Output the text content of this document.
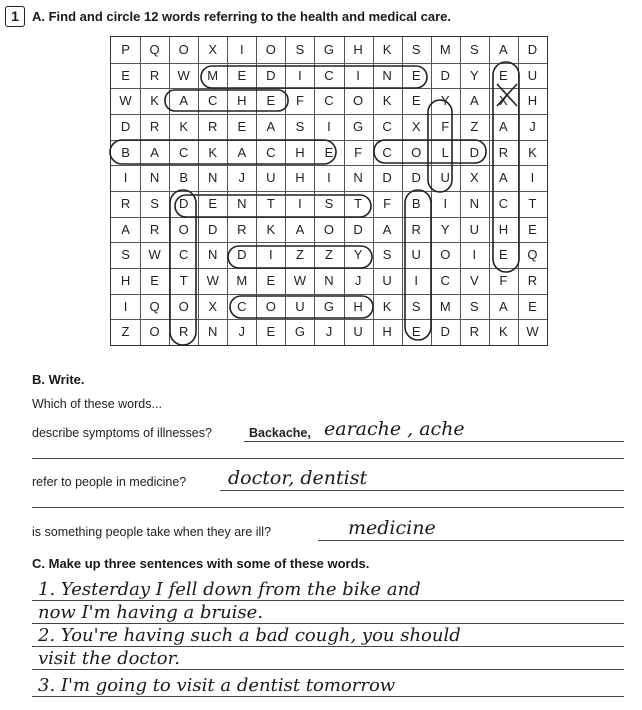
1	A. Find and circle 12 words referring to the health and medical care.
P	Q	O	X	I	O	S	G	H	K	S	M	S	A	D
E	R	W	M	E	D	I	C	I	N	E	D	Y	E	U
W	K	A	C	H	E	F	C	O	K	E	Y	A	X	H
D	R	K	R	E	A	S	I	G	C	X	F	Z	A	J
B	A	C	K	A	C	H	E	F	C	O	L	D	R	K
I	N	B	N	J	U	H	I	N	D	D	U	X	A	I
R	S	D	E	N	T	I	S	T	F	B	I	N	C	T
A	R	O	D	R	K	A	O	D	A	R	Y	U	H	E
S	W	C	N	D	I	Z	Z	Y	S	U	O	I	E	Q
H	E	T	W	M	E	W	N	J	U	I	C	V	F	R
I	Q	O	X	C	O	U	G	H	K	S	M	S	A	E
Z	O	R	N	J	E	G	J	U	H	E	D	R	K	W
B. Write.
Which of these words...
describe symptoms of illnesses?	Backache, earache , ache
refer to people in medicine? doctor, dentist
is something people take when they are ill?	medicine
C. Make up three sentences with some of these words.
1. Yesterday I fell down from the bike and
now I'm having a bruise.
2. You're having such a bad cough, you should
visit the doctor.
3. I'm going to visit a dentist tomorrow
